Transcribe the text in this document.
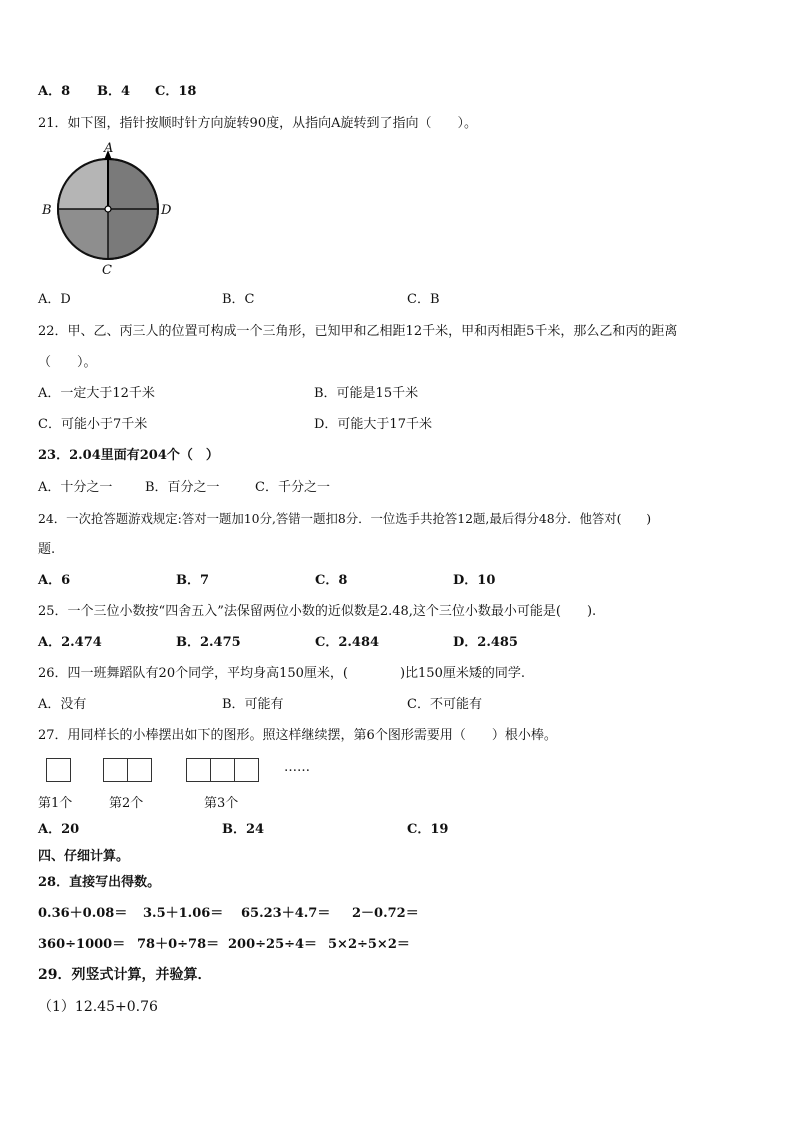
A．8 B．4 C．18
21．如下图，指针按顺时针方向旋转90度，从指向A旋转到了指向（　　）。
A
B	D
C
A．D	B．C	C．B
22．甲、乙、丙三人的位置可构成一个三角形，已知甲和乙相距12千米，甲和丙相距5千米，那么乙和丙的距离
（　　）。
A．一定大于12千米	B．可能是15千米
C．可能小于7千米	D．可能大于17千米
23．2.04里面有204个（　）
A．十分之一	B．百分之一	C．千分之一
24．一次抢答题游戏规定:答对一题加10分,答错一题扣8分．一位选手共抢答12题,最后得分48分．他答对(　　)
题.
A．6	B．7	C．8	D．10
25．一个三位小数按“四舍五入”法保留两位小数的近似数是2.48,这个三位小数最小可能是(　　).
A．2.474	B．2.475	C．2.484	D．2.485
26．四一班舞蹈队有20个同学，平均身高150厘米，(　　　　)比150厘米矮的同学.
A．没有	B．可能有	C．不可能有
27．用同样长的小棒摆出如下的图形。照这样继续摆，第6个图形需要用（　　）根小棒。
……
第1个	第2个	第3个
A．20	B．24	C．19
四、仔细计算。
28．直接写出得数。
0.36＋0.08＝ 3.5＋1.06＝ 65.23＋4.7＝ 2－0.72＝
360÷1000＝ 78＋0÷78＝ 200÷25÷4＝ 5×2÷5×2＝
29．列竖式计算，并验算．
（1）12.45+0.76
